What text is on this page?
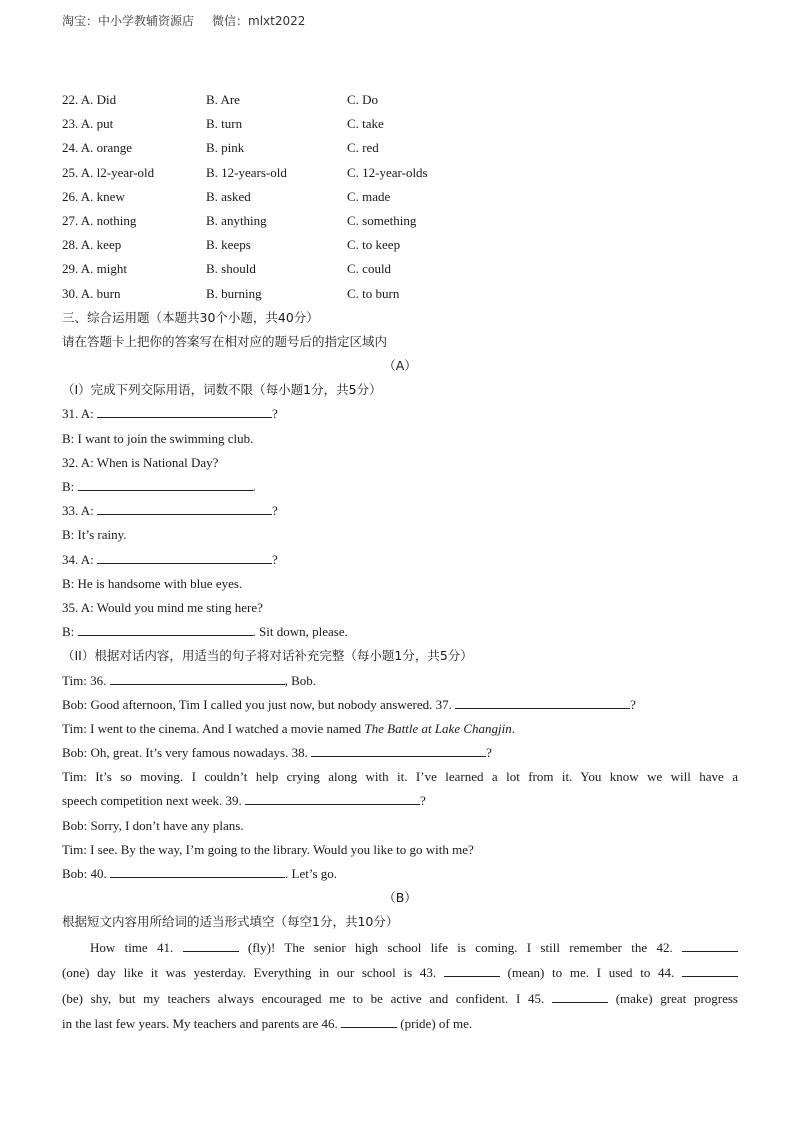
淘宝：中小学教辅资源店 微信：mlxt2022
22. A. Did	B. Are	C. Do
23. A. put	B. turn	C. take
24. A. orange	B. pink	C. red
25. A. l2-year-old	B. 12-years-old	C. 12-year-olds
26. A. knew	B. asked	C. made
27. A. nothing	B. anything	C. something
28. A. keep	B. keeps	C. to keep
29. A. might	B. should	C. could
30. A. burn	B. burning	C. to burn
三、综合运用题（本题共30个小题，共40分）
请在答题卡上把你的答案写在相对应的题号后的指定区域内
（A）
（I）完成下列交际用语，词数不限（每小题1分，共5分）
31. A:	?
B: I want to join the swimming club.
32. A: When is National Day?
B:	.
33. A:	?
B: It’s rainy.
34. A:	?
B: He is handsome with blue eyes.
35. A: Would you mind me sting here?
B:	. Sit down, please.
（II）根据对话内容，用适当的句子将对话补充完整（每小题1分，共5分）
Tim: 36.	, Bob.
Bob: Good afternoon, Tim I called you just now, but nobody answered. 37.	?
Tim: I went to the cinema. And I watched a movie named The Battle at Lake Changjin.
Bob: Oh, great. It’s very famous nowadays. 38.	?
Tim: It’s so moving. I couldn’t help crying along with it. I’ve learned a lot from it. You know we will have a
speech competition next week. 39.	?
Bob: Sorry, I don’t have any plans.
Tim: I see. By the way, I’m going to the library. Would you like to go with me?
Bob: 40.	. Let’s go.
（B）
根据短文内容用所给词的适当形式填空（每空1分，共10分）
How time 41.	(fly)! The senior high school life is coming. I still remember the 42.
(one) day like it was yesterday. Everything in our school is 43.	(mean) to me. I used to 44.
(be) shy, but my teachers always encouraged me to be active and confident. I 45.	(make) great progress
in the last few years. My teachers and parents are 46.	(pride) of me.
